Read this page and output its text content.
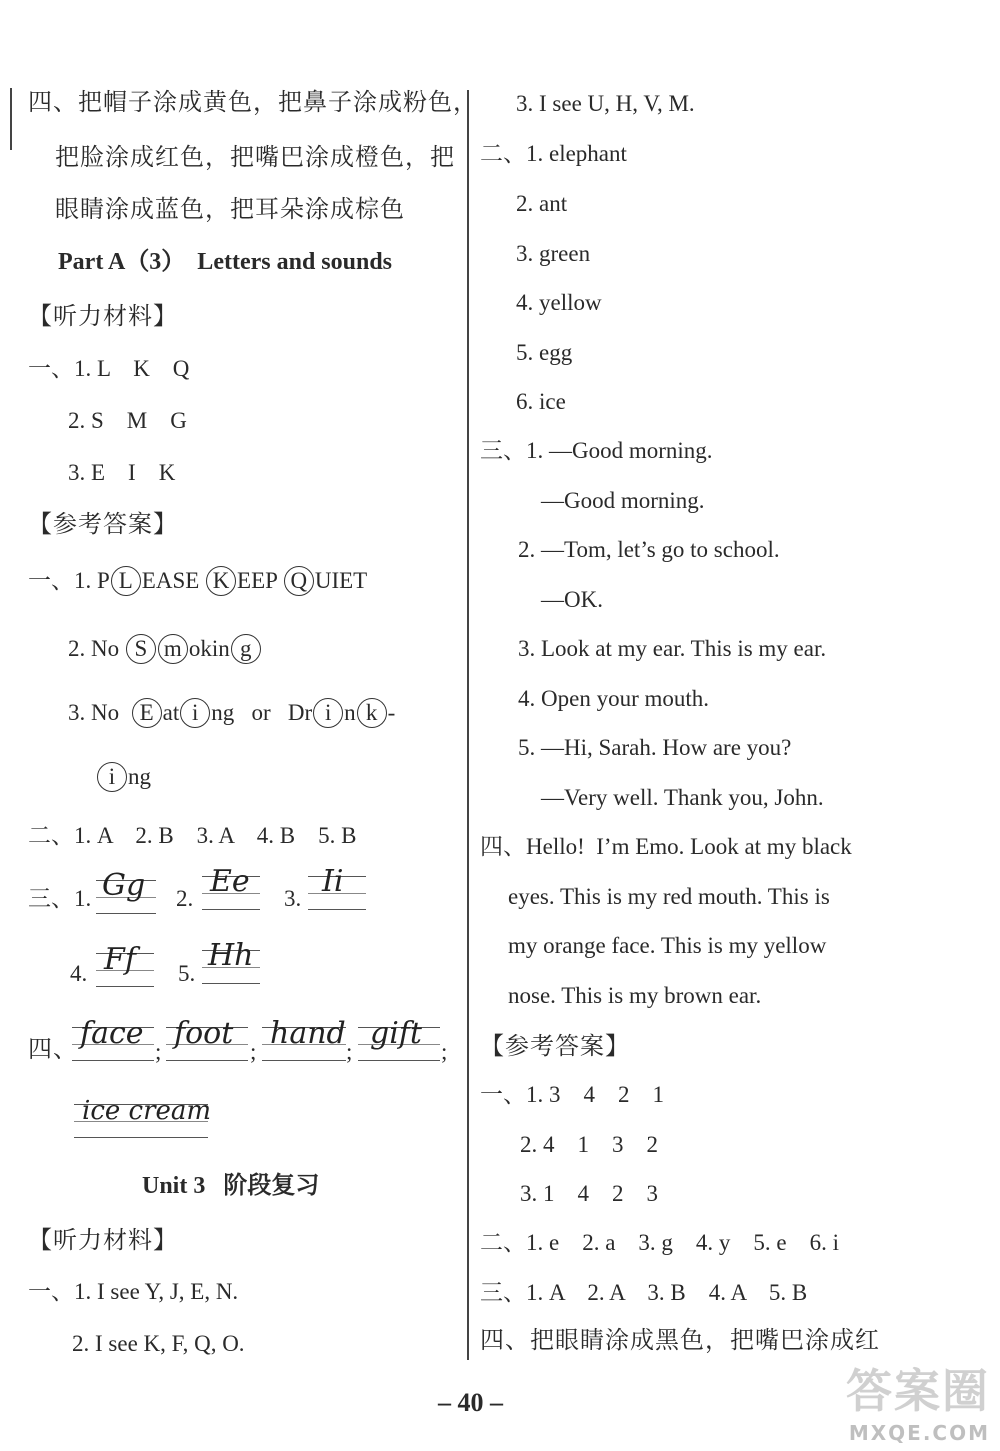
四、把帽子涂成黄色，把鼻子涂成粉色，
把脸涂成红色，把嘴巴涂成橙色，把
眼睛涂成蓝色，把耳朵涂成棕色
Part A（3）  Letters and sounds
【听力材料】
一、1. L    K    Q
2. S    M    G
3. E    I    K
【参考答案】
一、1. P L EASE K EEP Q UIET
2. No S m okin g
3. No  E at i ng   or   Dr i n k -
i ng
二、1. A    2. B    3. A    4. B    5. B
三、1. Gg 2. Ee 3. Ii
4. Ff 5.
Hh
四、 face
;
foot
;
hand
;
gift
;
ice cream
Unit 3   阶段复习
【听力材料】
一、1. I see Y, J, E, N.
2. I see K, F, Q, O.
3. I see U, H, V, M.
二、1. elephant
2. ant
3. green
4. yellow
5. egg
6. ice
三、1. —Good morning.
—Good morning.
2. —Tom, let’s go to school.
—OK.
3. Look at my ear. This is my ear.
4. Open your mouth.
5. —Hi, Sarah. How are you?
—Very well. Thank you, John.
四、Hello!  I’m Emo. Look at my black
eyes. This is my red mouth. This is
my orange face. This is my yellow
nose. This is my brown ear.
【参考答案】
一、1. 3    4    2    1
2. 4    1    3    2
3. 1    4    2    3
二、1. e    2. a    3. g    4. y    5. e    6. i
三、1. A    2. A    3. B    4. A    5. B
四、把眼睛涂成黑色，把嘴巴涂成红
– 40 –	答案圈
MXQE.COM
